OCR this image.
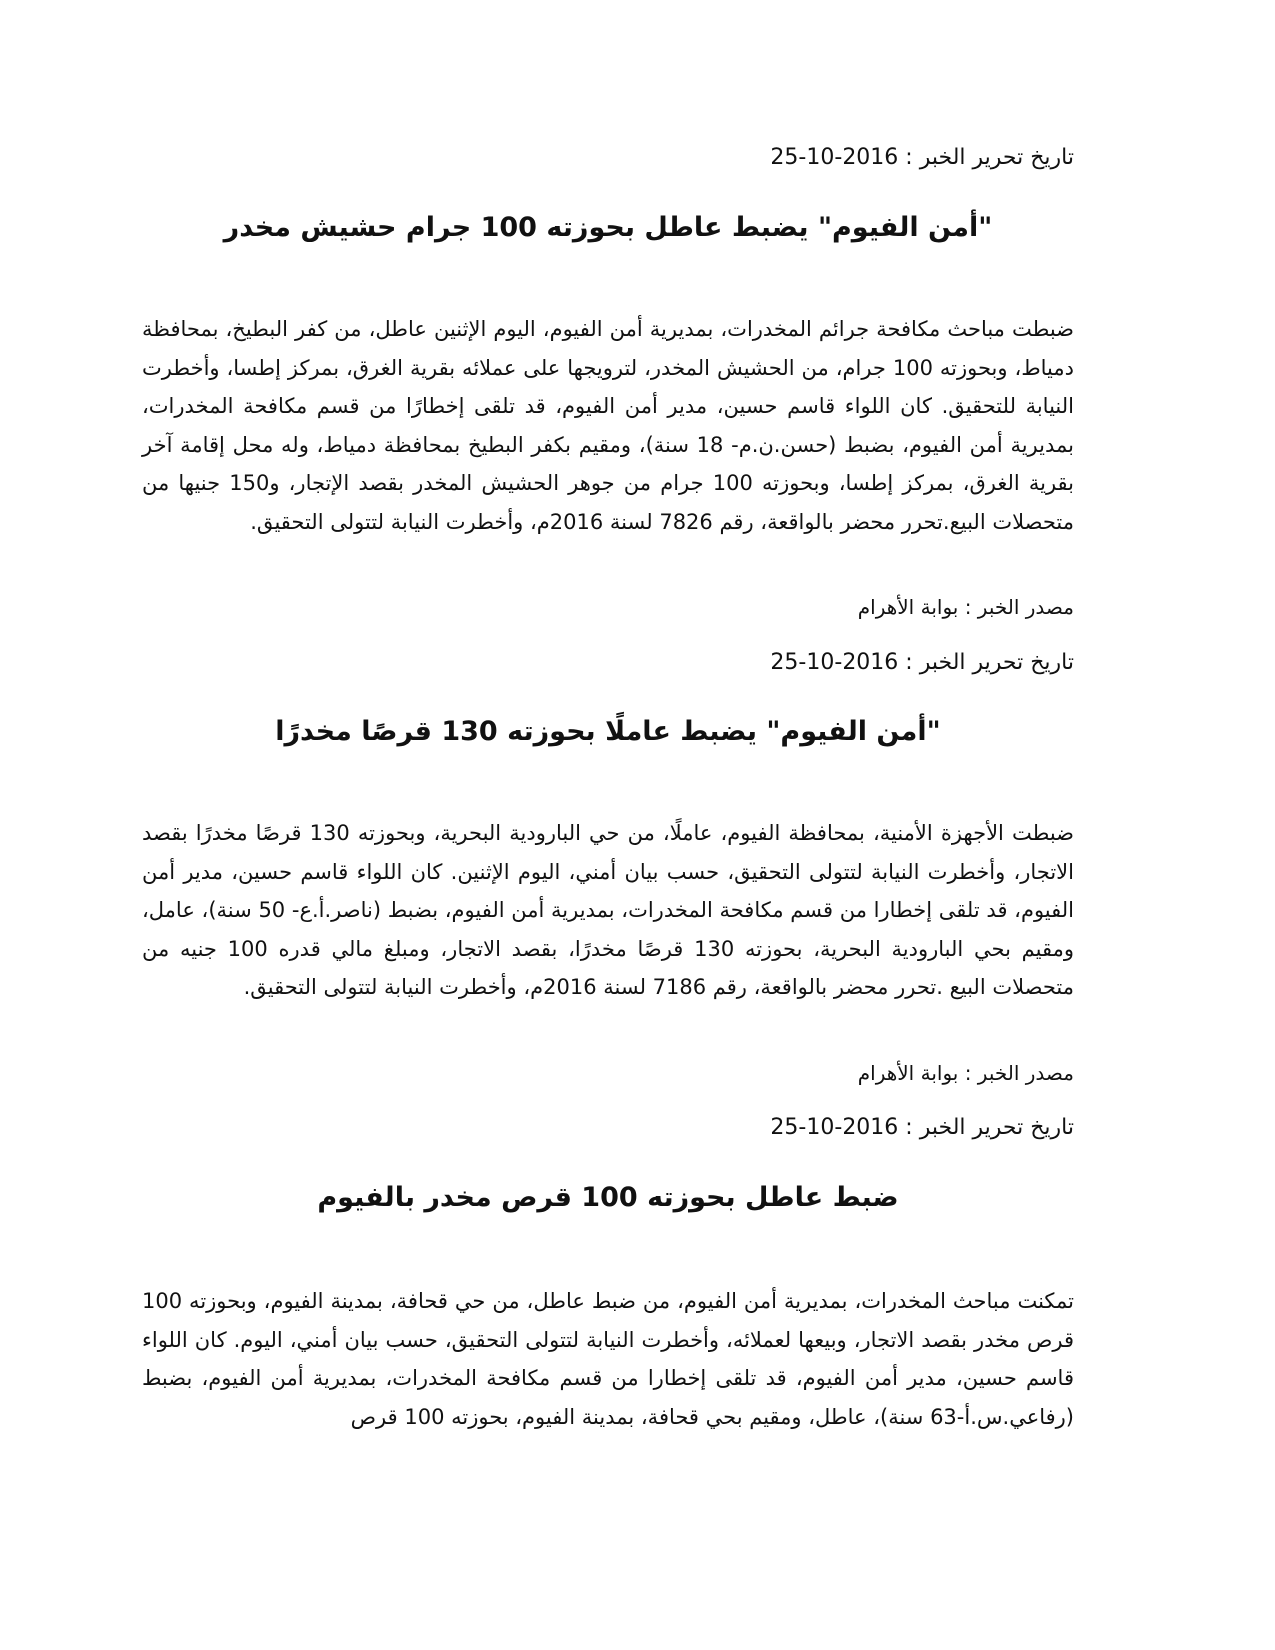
تاريخ تحرير الخبر : 2016-10-25
"أمن الفيوم" يضبط عاطل بحوزته 100 جرام حشيش مخدر

ضبطت مباحث مكافحة جرائم المخدرات، بمديرية أمن الفيوم، اليوم الإثنين عاطل، من كفر البطيخ، بمحافظة دمياط، وبحوزته 100 جرام، من الحشيش المخدر، لترويجها على عملائه بقرية الغرق، بمركز إطسا، وأخطرت النيابة للتحقيق. كان اللواء قاسم حسين، مدير أمن الفيوم، قد تلقى إخطارًا من قسم مكافحة المخدرات، بمديرية أمن الفيوم، بضبط (حسن.ن.م- 18 سنة)، ومقيم بكفر البطيخ بمحافظة دمياط، وله محل إقامة آخر بقرية الغرق، بمركز إطسا، وبحوزته 100 جرام من جوهر الحشيش المخدر بقصد الإتجار، و150 جنيها من متحصلات البيع.تحرر محضر بالواقعة، رقم 7826 لسنة 2016م، وأخطرت النيابة لتتولى التحقيق.

مصدر الخبر : بوابة الأهرام
تاريخ تحرير الخبر : 2016-10-25
"أمن الفيوم" يضبط عاملًا بحوزته 130 قرصًا مخدرًا

ضبطت الأجهزة الأمنية، بمحافظة الفيوم، عاملًا، من حي البارودية البحرية، وبحوزته 130 قرصًا مخدرًا بقصد الاتجار، وأخطرت النيابة لتتولى التحقيق، حسب بيان أمني، اليوم الإثنين. كان اللواء قاسم حسين، مدير أمن الفيوم، قد تلقى إخطارا من قسم مكافحة المخدرات، بمديرية أمن الفيوم، بضبط (ناصر.أ.ع- 50 سنة)، عامل، ومقيم بحي البارودية البحرية، بحوزته 130 قرصًا مخدرًا، بقصد الاتجار، ومبلغ مالي قدره 100 جنيه من متحصلات البيع .تحرر محضر بالواقعة، رقم 7186 لسنة 2016م، وأخطرت النيابة لتتولى التحقيق.

مصدر الخبر : بوابة الأهرام
تاريخ تحرير الخبر : 2016-10-25
ضبط عاطل بحوزته 100 قرص مخدر بالفيوم

تمكنت مباحث المخدرات، بمديرية أمن الفيوم، من ضبط عاطل، من حي قحافة، بمدينة الفيوم، وبحوزته 100 قرص مخدر بقصد الاتجار، وبيعها لعملائه، وأخطرت النيابة لتتولى التحقيق، حسب بيان أمني، اليوم. كان اللواء قاسم حسين، مدير أمن الفيوم، قد تلقى إخطارا من قسم مكافحة المخدرات، بمديرية أمن الفيوم، بضبط (رفاعي.س.أ-63 سنة)، عاطل، ومقيم بحي قحافة، بمدينة الفيوم، بحوزته 100 قرص
